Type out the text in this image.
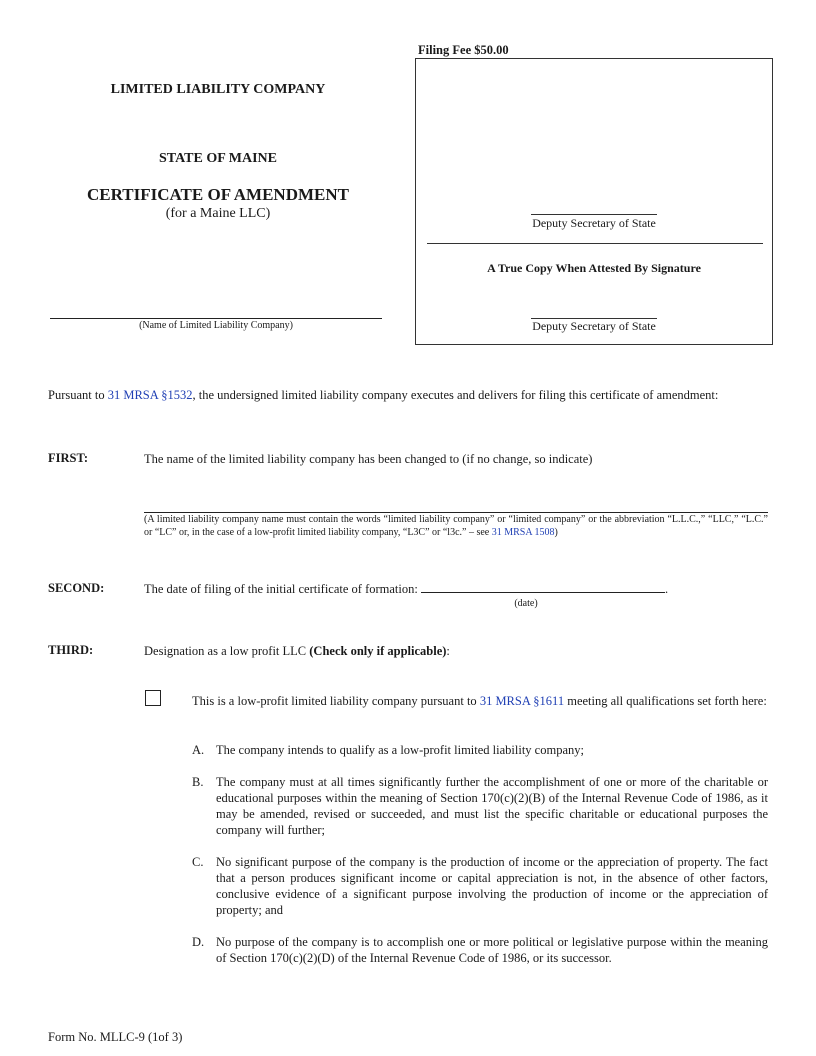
LIMITED LIABILITY COMPANY
STATE OF MAINE
CERTIFICATE OF AMENDMENT
(for a Maine LLC)
(Name of Limited Liability Company)
Filing Fee $50.00
Deputy Secretary of State
A True Copy When Attested By Signature
Deputy Secretary of State
Pursuant to 31 MRSA §1532, the undersigned limited liability company executes and delivers for filing this certificate of amendment:
FIRST:	The name of the limited liability company has been changed to (if no change, so indicate)
(A limited liability company name must contain the words “limited liability company” or “limited company” or the abbreviation “L.L.C.,” “LLC,” “L.C.” or “LC” or, in the case of a low-profit limited liability company, “L3C” or “l3c.” – see 31 MRSA 1508)
SECOND:	The date of filing of the initial certificate of formation:	.
(date)
THIRD:	Designation as a low profit LLC (Check only if applicable):
This is a low-profit limited liability company pursuant to 31 MRSA §1611 meeting all qualifications set forth here:
A. The company intends to qualify as a low-profit limited liability company;
B. The company must at all times significantly further the accomplishment of one or more of the charitable or educational purposes within the meaning of Section 170(c)(2)(B) of the Internal Revenue Code of 1986, as it may be amended, revised or succeeded, and must list the specific charitable or educational purposes the company will further;
C. No significant purpose of the company is the production of income or the appreciation of property. The fact that a person produces significant income or capital appreciation is not, in the absence of other factors, conclusive evidence of a significant purpose involving the production of income or the appreciation of property; and
D. No purpose of the company is to accomplish one or more political or legislative purpose within the meaning of Section 170(c)(2)(D) of the Internal Revenue Code of 1986, or its successor.
Form No. MLLC-9 (1of 3)
